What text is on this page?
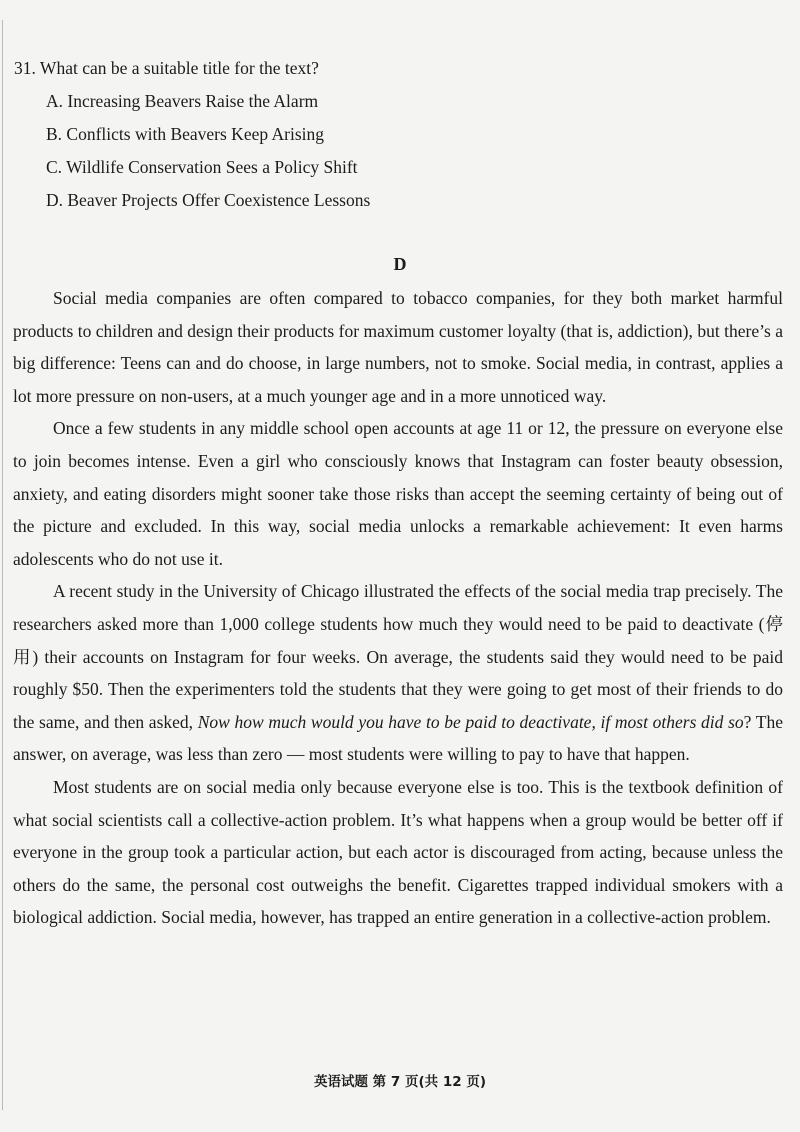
31. What can be a suitable title for the text?
A. Increasing Beavers Raise the Alarm
B. Conflicts with Beavers Keep Arising
C. Wildlife Conservation Sees a Policy Shift
D. Beaver Projects Offer Coexistence Lessons
D

Social media companies are often compared to tobacco companies, for they both market harmful products to children and design their products for maximum customer loyalty (that is, addiction), but there’s a big difference: Teens can and do choose, in large numbers, not to smoke. Social media, in contrast, applies a lot more pressure on non-users, at a much younger age and in a more unnoticed way.

Once a few students in any middle school open accounts at age 11 or 12, the pressure on everyone else to join becomes intense. Even a girl who consciously knows that Instagram can foster beauty obsession, anxiety, and eating disorders might sooner take those risks than accept the seeming certainty of being out of the picture and excluded. In this way, social media unlocks a remarkable achievement: It even harms adolescents who do not use it.

A recent study in the University of Chicago illustrated the effects of the social media trap precisely. The researchers asked more than 1,000 college students how much they would need to be paid to deactivate (停用) their accounts on Instagram for four weeks. On average, the students said they would need to be paid roughly $50. Then the experimenters told the students that they were going to get most of their friends to do the same, and then asked, Now how much would you have to be paid to deactivate, if most others did so? The answer, on average, was less than zero — most students were willing to pay to have that happen.

Most students are on social media only because everyone else is too. This is the textbook definition of what social scientists call a collective-action problem. It’s what happens when a group would be better off if everyone in the group took a particular action, but each actor is discouraged from acting, because unless the others do the same, the personal cost outweighs the benefit. Cigarettes trapped individual smokers with a biological addiction. Social media, however, has trapped an entire generation in a collective-action problem.

英语试题 第 7 页(共 12 页)
